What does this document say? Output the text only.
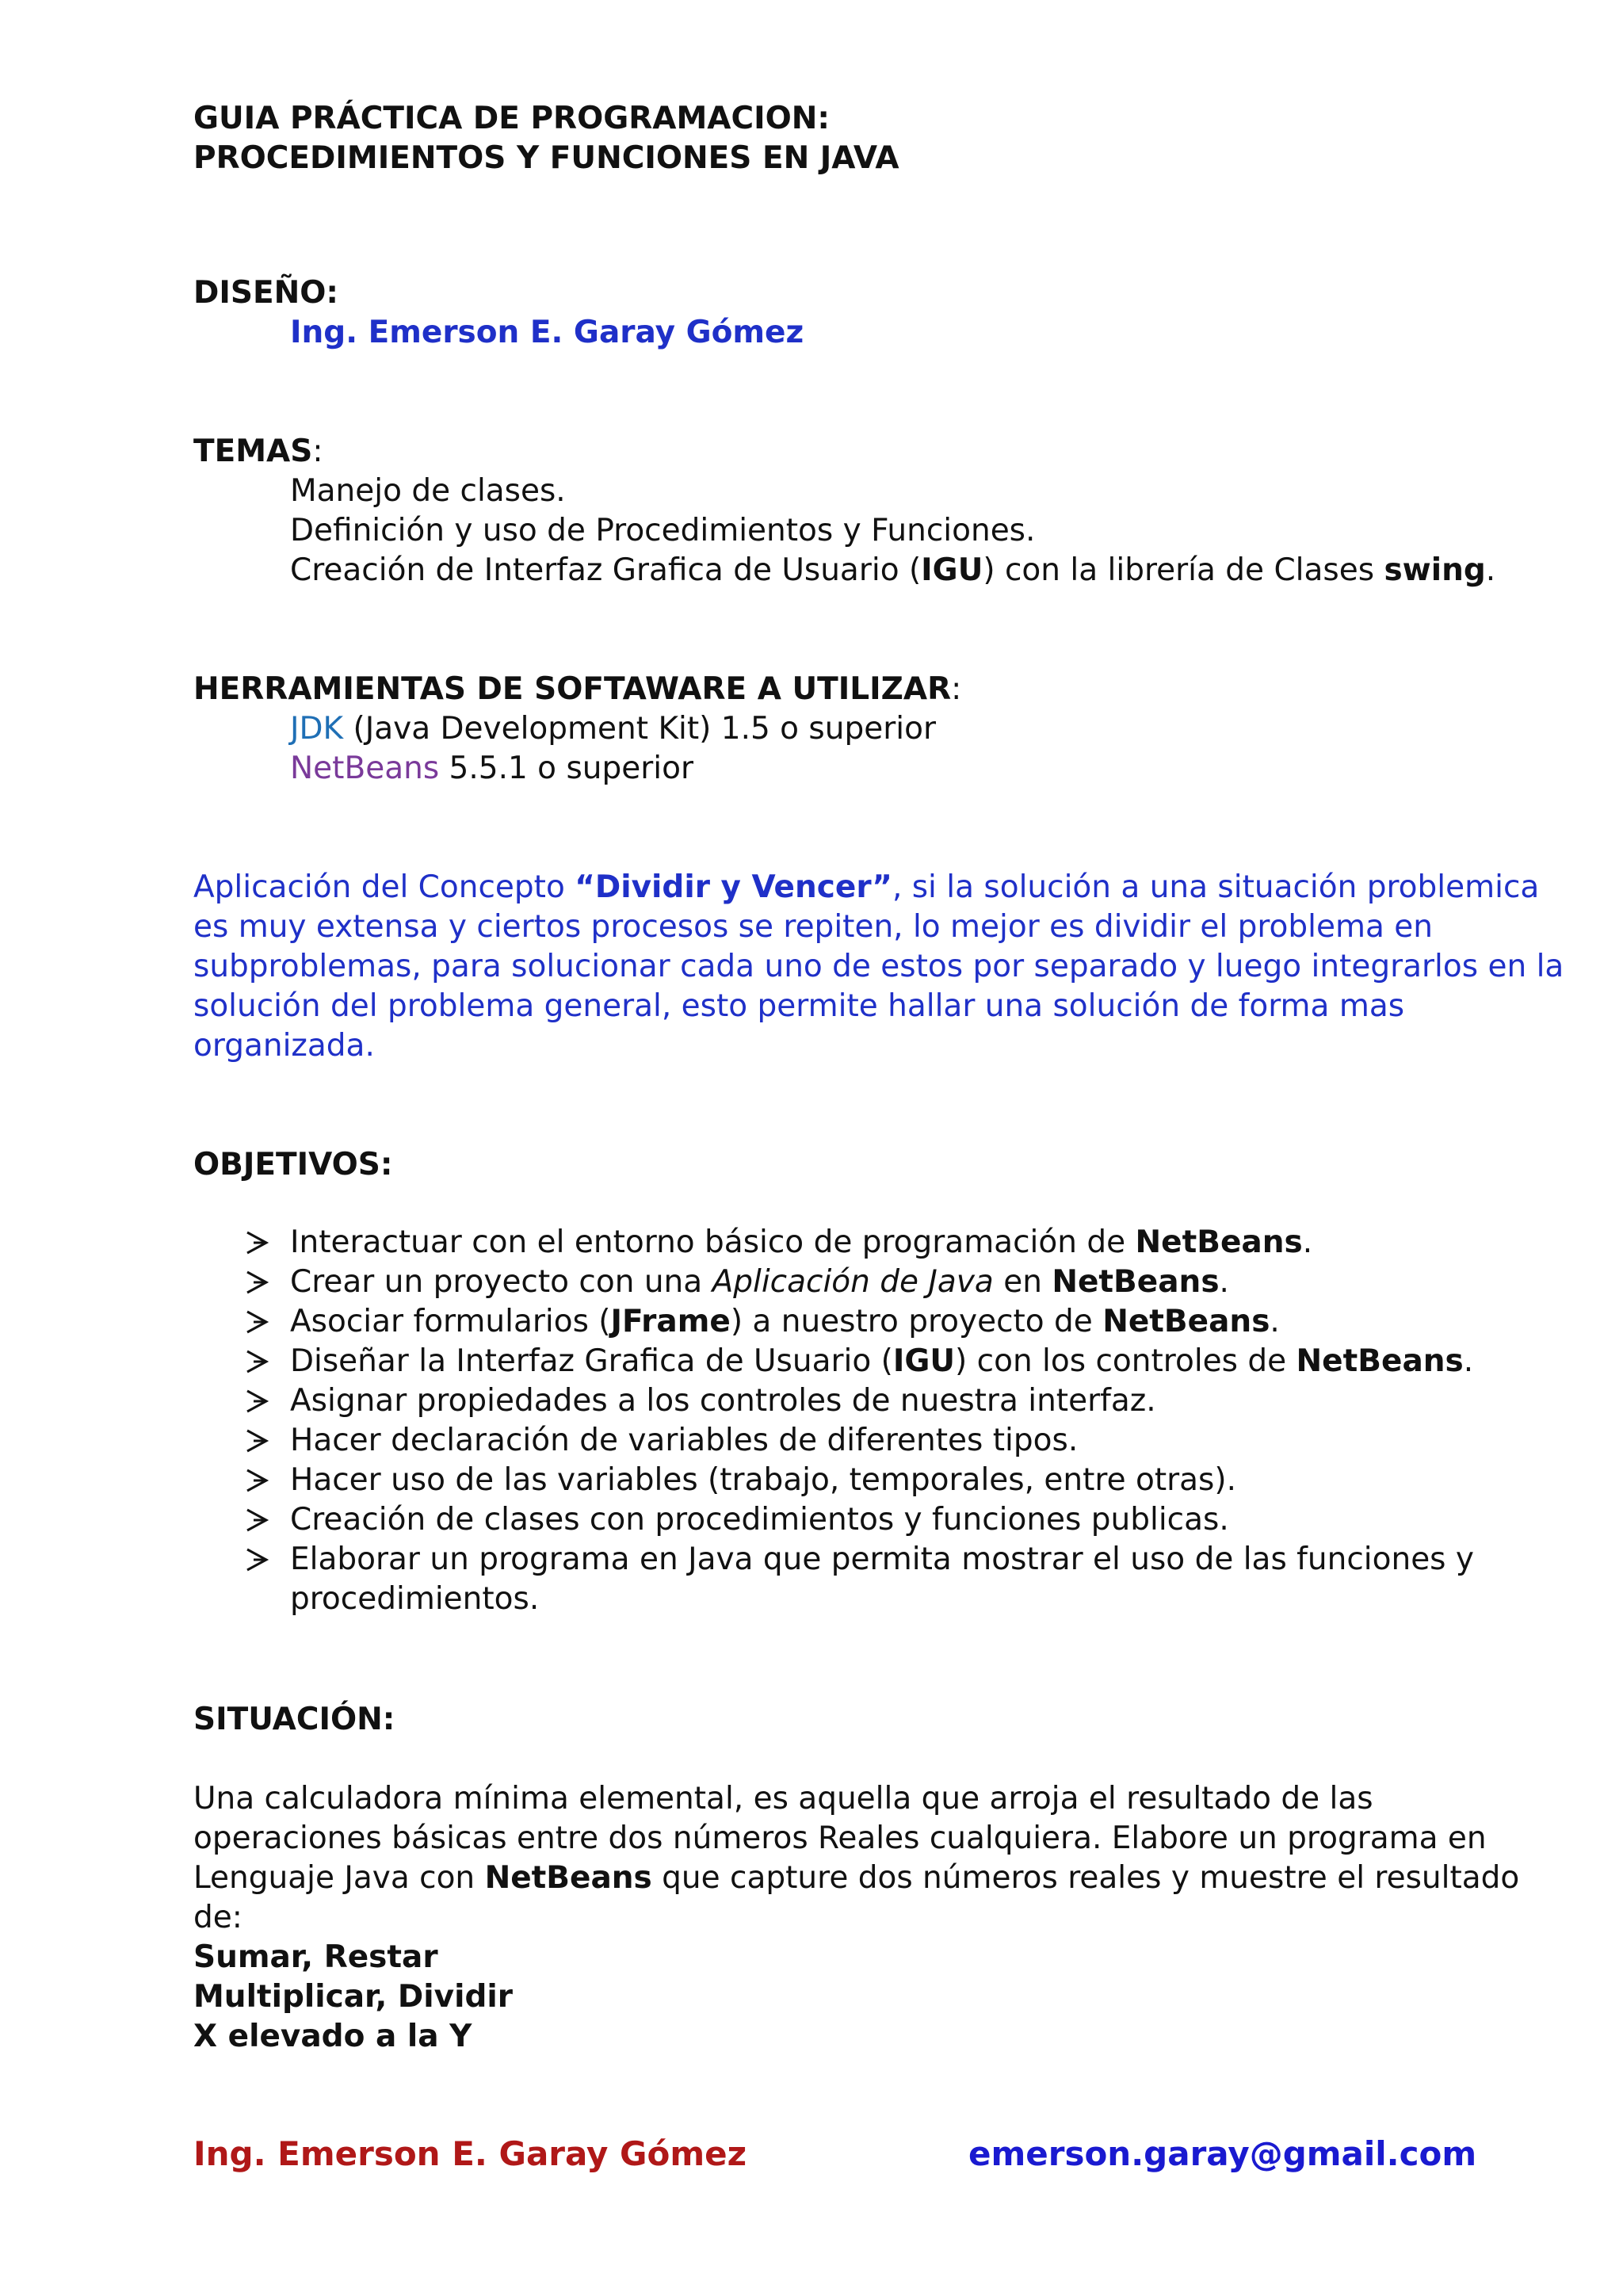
GUIA PRÁCTICA DE PROGRAMACION:
PROCEDIMIENTOS Y FUNCIONES EN JAVA
DISEÑO:
Ing. Emerson E. Garay Gómez
TEMAS:
Manejo de clases.
Definición y uso de Procedimientos y Funciones.
Creación de Interfaz Grafica de Usuario (IGU) con la librería de Clases swing.
HERRAMIENTAS DE SOFTAWARE A UTILIZAR:
JDK (Java Development Kit) 1.5 o superior
NetBeans 5.5.1 o superior
Aplicación del Concepto “Dividir y Vencer”, si la solución a una situación problemica
es muy extensa y ciertos procesos se repiten, lo mejor es dividir el problema en
subproblemas, para solucionar cada uno de estos por separado y luego integrarlos en la
solución del problema general, esto permite hallar una solución de forma mas
organizada.
OBJETIVOS:
Interactuar con el entorno básico de programación de NetBeans.
Crear un proyecto con una Aplicación de Java en NetBeans.
Asociar formularios (JFrame) a nuestro proyecto de NetBeans.
Diseñar la Interfaz Grafica de Usuario (IGU) con los controles de NetBeans.
Asignar propiedades a los controles de nuestra interfaz.
Hacer declaración de variables de diferentes tipos.
Hacer uso de las variables (trabajo, temporales, entre otras).
Creación de clases con procedimientos y funciones publicas.
Elaborar un programa en Java que permita mostrar el uso de las funciones y
procedimientos.
SITUACIÓN:
Una calculadora mínima elemental, es aquella que arroja el resultado de las
operaciones básicas entre dos números Reales cualquiera. Elabore un programa en
Lenguaje Java con NetBeans que capture dos números reales y muestre el resultado
de:
Sumar, Restar
Multiplicar, Dividir
X elevado a la Y
Ing. Emerson E. Garay Gómez	emerson.garay@gmail.com
